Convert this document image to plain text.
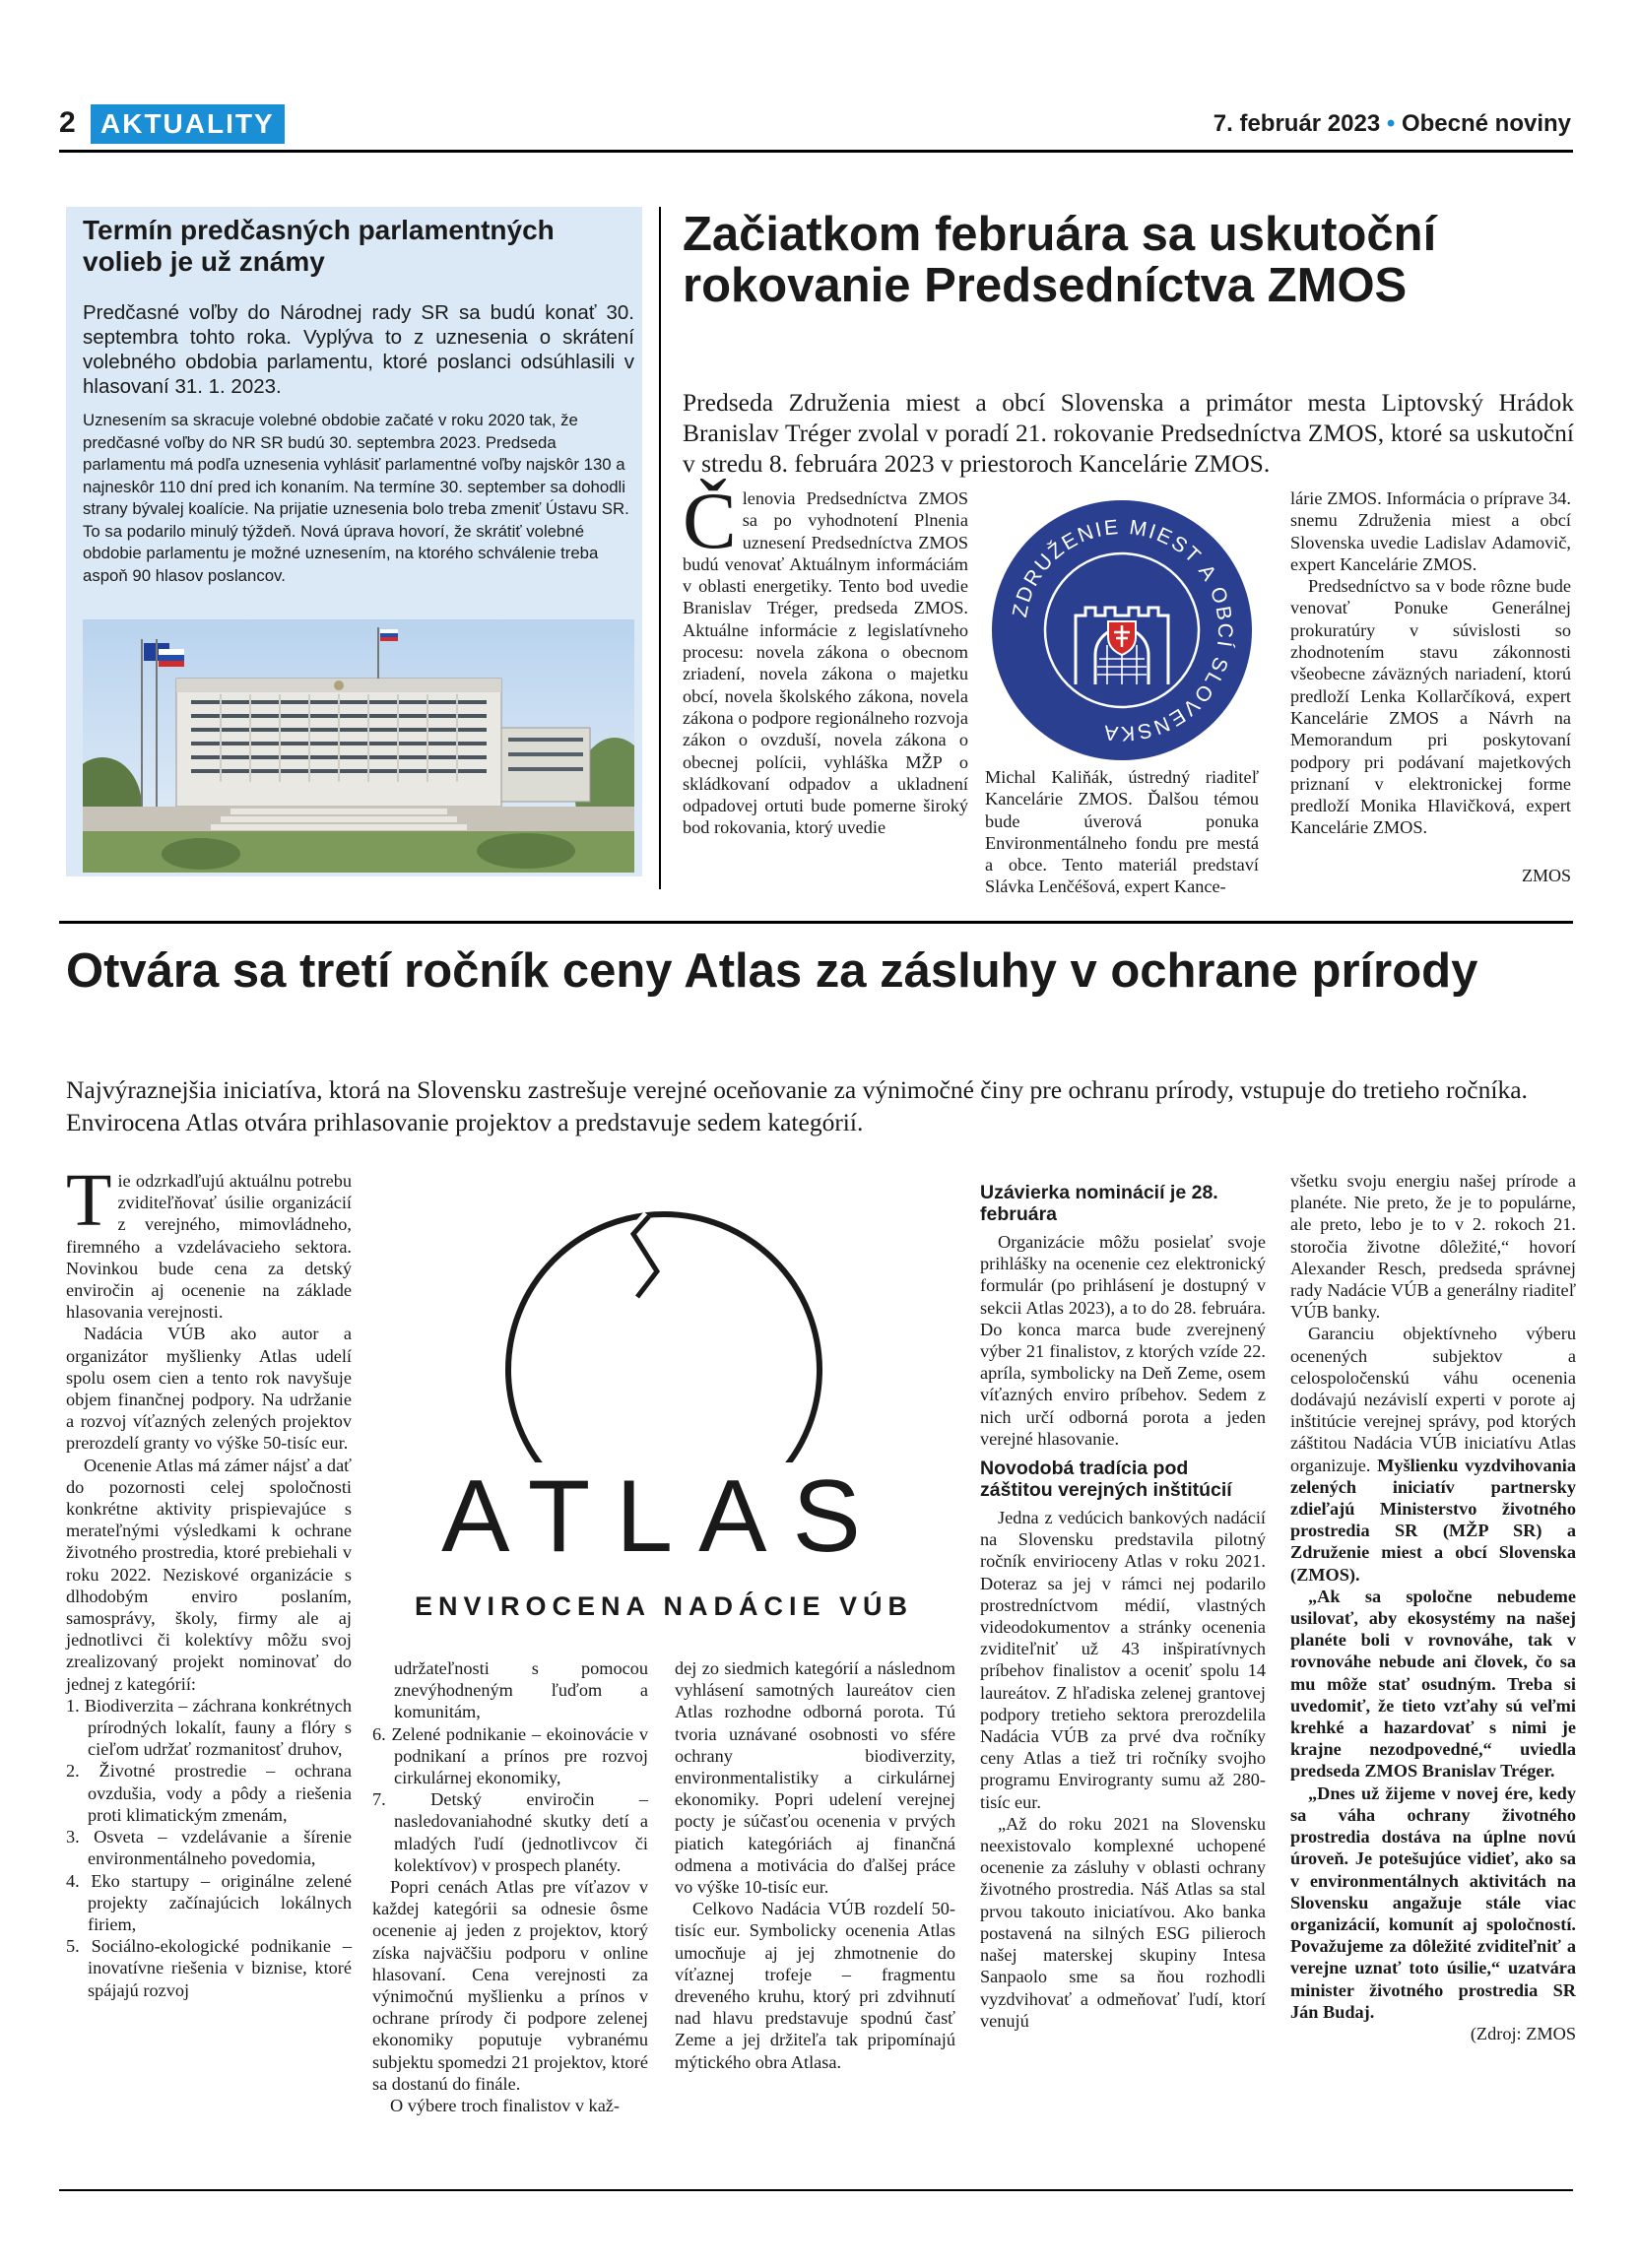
2 AKTUALITY	7. február 2023 • Obecné noviny
Termín predčasných parlamentných volieb je už známy
Predčasné voľby do Národnej rady SR sa budú konať 30. septembra tohto roka. Vyplýva to z uznesenia o skrátení volebného obdobia parlamentu, ktoré poslanci odsúhlasili v hlasovaní 31. 1. 2023.
Uznesením sa skracuje volebné obdobie začaté v roku 2020 tak, že predčasné voľby do NR SR budú 30. septembra 2023. Predseda parlamentu má podľa uznesenia vyhlásiť parlamentné voľby najskôr 130 a najneskôr 110 dní pred ich konaním. Na termíne 30. september sa dohodli strany bývalej koalície. Na prijatie uznesenia bolo treba zmeniť Ústavu SR. To sa podarilo minulý týždeň. Nová úprava hovorí, že skrátiť volebné obdobie parlamentu je možné uznesením, na ktorého schválenie treba aspoň 90 hlasov poslancov.
Začiatkom februára sa uskutoční rokovanie Predsedníctva ZMOS
Predseda Združenia miest a obcí Slovenska a primátor mesta Liptovský Hrádok Branislav Tréger zvolal v poradí 21. rokovanie Predsedníctva ZMOS, ktoré sa uskutoční v stredu 8. februára 2023 v priestoroch Kancelárie ZMOS.
Členovia Predsedníctva ZMOS sa po vyhodnotení Plnenia uznesení Predsedníctva ZMOS budú venovať Aktuálnym informáciám v oblasti energetiky. Tento bod uvedie Branislav Tréger, predseda ZMOS. Aktuálne informácie z legislatívneho procesu: novela zákona o obecnom zriadení, novela zákona o majetku obcí, novela školského zákona, novela zákona o podpore regionálneho rozvoja zákon o ovzduší, novela zákona o obecnej polícii, vyhláška MŽP o skládkovaní odpadov a ukladnení odpadovej ortuti bude pomerne široký bod rokovania, ktorý uvedie
ZDRUŽENIE MIEST A OBCÍ SLOVENSKA
Michal Kaliňák, ústredný riaditeľ Kancelárie ZMOS. Ďalšou témou bude úverová ponuka Environmentálneho fondu pre mestá a obce. Tento materiál predstaví Slávka Lenčéšová, expert Kance-

lárie ZMOS. Informácia o príprave 34. snemu Združenia miest a obcí Slovenska uvedie Ladislav Adamovič, expert Kancelárie ZMOS.

Predsedníctvo sa v bode rôzne bude venovať Ponuke Generálnej prokuratúry v súvislosti so zhodnotením stavu zákonnosti všeobecne záväzných nariadení, ktorú predloží Lenka Kollarčíková, expert Kancelárie ZMOS a Návrh na Memorandum pri poskytovaní podpory pri podávaní majetkových priznaní v elektronickej forme predloží Monika Hlavičková, expert Kancelárie ZMOS.

ZMOS
Otvára sa tretí ročník ceny Atlas za zásluhy v ochrane prírody
Najvýraznejšia iniciatíva, ktorá na Slovensku zastrešuje verejné oceňovanie za výnimočné činy pre ochranu prírody, vstupuje do tretieho ročníka. Envirocena Atlas otvára prihlasovanie projektov a predstavuje sedem kategórií.

Tie odzrkadľujú aktuálnu potrebu zviditeľňovať úsilie organizácií z verejného, mimovládneho, firemného a vzdelávacieho sektora. Novinkou bude cena za detský enviročin aj ocenenie na základe hlasovania verejnosti.

Nadácia VÚB ako autor a organizátor myšlienky Atlas udelí spolu osem cien a tento rok navyšuje objem finančnej podpory. Na udržanie a rozvoj víťazných zelených projektov prerozdelí granty vo výške 50-tisíc eur.

Ocenenie Atlas má zámer nájsť a dať do pozornosti celej spoločnosti konkrétne aktivity prispievajúce s merateľnými výsledkami k ochrane životného prostredia, ktoré prebiehali v roku 2022. Neziskové organizácie s dlhodobým enviro poslaním, samosprávy, školy, firmy ale aj jednotlivci či kolektívy môžu svoj zrealizovaný projekt nominovať do jednej z kategórií:

1. Biodiverzita – záchrana konkrétnych prírodných lokalít, fauny a flóry s cieľom udržať rozmanitosť druhov,
2. Životné prostredie – ochrana ovzdušia, vody a pôdy a riešenia proti klimatickým zmenám,
3. Osveta – vzdelávanie a šírenie environmentálneho povedomia,
4. Eko startupy – originálne zelené projekty začínajúcich lokálnych firiem,
5. Sociálno-ekologické podnikanie – inovatívne riešenia v biznise, ktoré spájajú rozvoj
ATLAS
ENVIROCENA NADÁCIE VÚB

udržateľnosti s pomocou znevýhodneným ľuďom a komunitám,

6. Zelené podnikanie – ekoinovácie v podnikaní a prínos pre rozvoj cirkulárnej ekonomiky,
7. Detský enviročin – nasledovaniahodné skutky detí a mladých ľudí (jednotlivcov či kolektívov) v prospech planéty.

Popri cenách Atlas pre víťazov v každej kategórii sa odnesie ôsme ocenenie aj jeden z projektov, ktorý získa najväčšiu podporu v online hlasovaní. Cena verejnosti za výnimočnú myšlienku a prínos v ochrane prírody či podpore zelenej ekonomiky poputuje vybranému subjektu spomedzi 21 projektov, ktoré sa dostanú do finále.

O výbere troch finalistov v kaž-

dej zo siedmich kategórií a následnom vyhlásení samotných laureátov cien Atlas rozhodne odborná porota. Tú tvoria uznávané osobnosti vo sfére ochrany biodiverzity, environmentalistiky a cirkulárnej ekonomiky. Popri udelení verejnej pocty je súčasťou ocenenia v prvých piatich kategóriách aj finančná odmena a motivácia do ďalšej práce vo výške 10-tisíc eur.

Celkovo Nadácia VÚB rozdelí 50-tisíc eur. Symbolicky ocenenia Atlas umocňuje aj jej zhmotnenie do víťaznej trofeje – fragmentu dreveného kruhu, ktorý pri zdvihnutí nad hlavu predstavuje spodnú časť Zeme a jej držiteľa tak pripomínajú mýtického obra Atlasa.

Uzávierka nominácií je 28. februára

Organizácie môžu posielať svoje prihlášky na ocenenie cez elektronický formulár (po prihlásení je dostupný v sekcii Atlas 2023), a to do 28. februára. Do konca marca bude zverejnený výber 21 finalistov, z ktorých vzíde 22. apríla, symbolicky na Deň Zeme, osem víťazných enviro príbehov. Sedem z nich určí odborná porota a jeden verejné hlasovanie.

Novodobá tradícia pod záštitou verejných inštitúcií

Jedna z vedúcich bankových nadácií na Slovensku predstavila pilotný ročník envirioceny Atlas v roku 2021. Doteraz sa jej v rámci nej podarilo prostredníctvom médií, vlastných videodokumentov a stránky ocenenia zviditeľniť už 43 inšpiratívnych príbehov finalistov a oceniť spolu 14 laureátov. Z hľadiska zelenej grantovej podpory tretieho sektora prerozdelila Nadácia VÚB za prvé dva ročníky ceny Atlas a tiež tri ročníky svojho programu Envirogranty sumu až 280-tisíc eur.

„Až do roku 2021 na Slovensku neexistovalo komplexné uchopené ocenenie za zásluhy v oblasti ochrany životného prostredia. Náš Atlas sa stal prvou takouto iniciatívou. Ako banka postavená na silných ESG pilieroch našej materskej skupiny Intesa Sanpaolo sme sa ňou rozhodli vyzdvihovať a odmeňovať ľudí, ktorí venujú

všetku svoju energiu našej prírode a planéte. Nie preto, že je to populárne, ale preto, lebo je to v 2. rokoch 21. storočia životne dôležité,“ hovorí Alexander Resch, predseda správnej rady Nadácie VÚB a generálny riaditeľ VÚB banky.

Garanciu objektívneho výberu ocenených subjektov a celospoločenskú váhu ocenenia dodávajú nezávislí experti v porote aj inštitúcie verejnej správy, pod ktorých záštitou Nadácia VÚB iniciatívu Atlas organizuje. Myšlienku vyzdvihovania zelených iniciatív partnersky zdieľajú Ministerstvo životného prostredia SR (MŽP SR) a Združenie miest a obcí Slovenska (ZMOS).

„Ak sa spoločne nebudeme usilovať, aby ekosystémy na našej planéte boli v rovnováhe, tak v rovnováhe nebude ani človek, čo sa mu môže stať osudným. Treba si uvedomiť, že tieto vzťahy sú veľmi krehké a hazardovať s nimi je krajne nezodpovedné,“ uviedla predseda ZMOS Branislav Tréger.

„Dnes už žijeme v novej ére, kedy sa váha ochrany životného prostredia dostáva na úplne novú úroveň. Je potešujúce vidieť, ako sa v environmentálnych aktivitách na Slovensku angažuje stále viac organizácií, komunít aj spoločností. Považujeme za dôležité zviditeľniť a verejne uznať toto úsilie,“ uzatvára minister životného prostredia SR Ján Budaj.

(Zdroj: ZMOS
